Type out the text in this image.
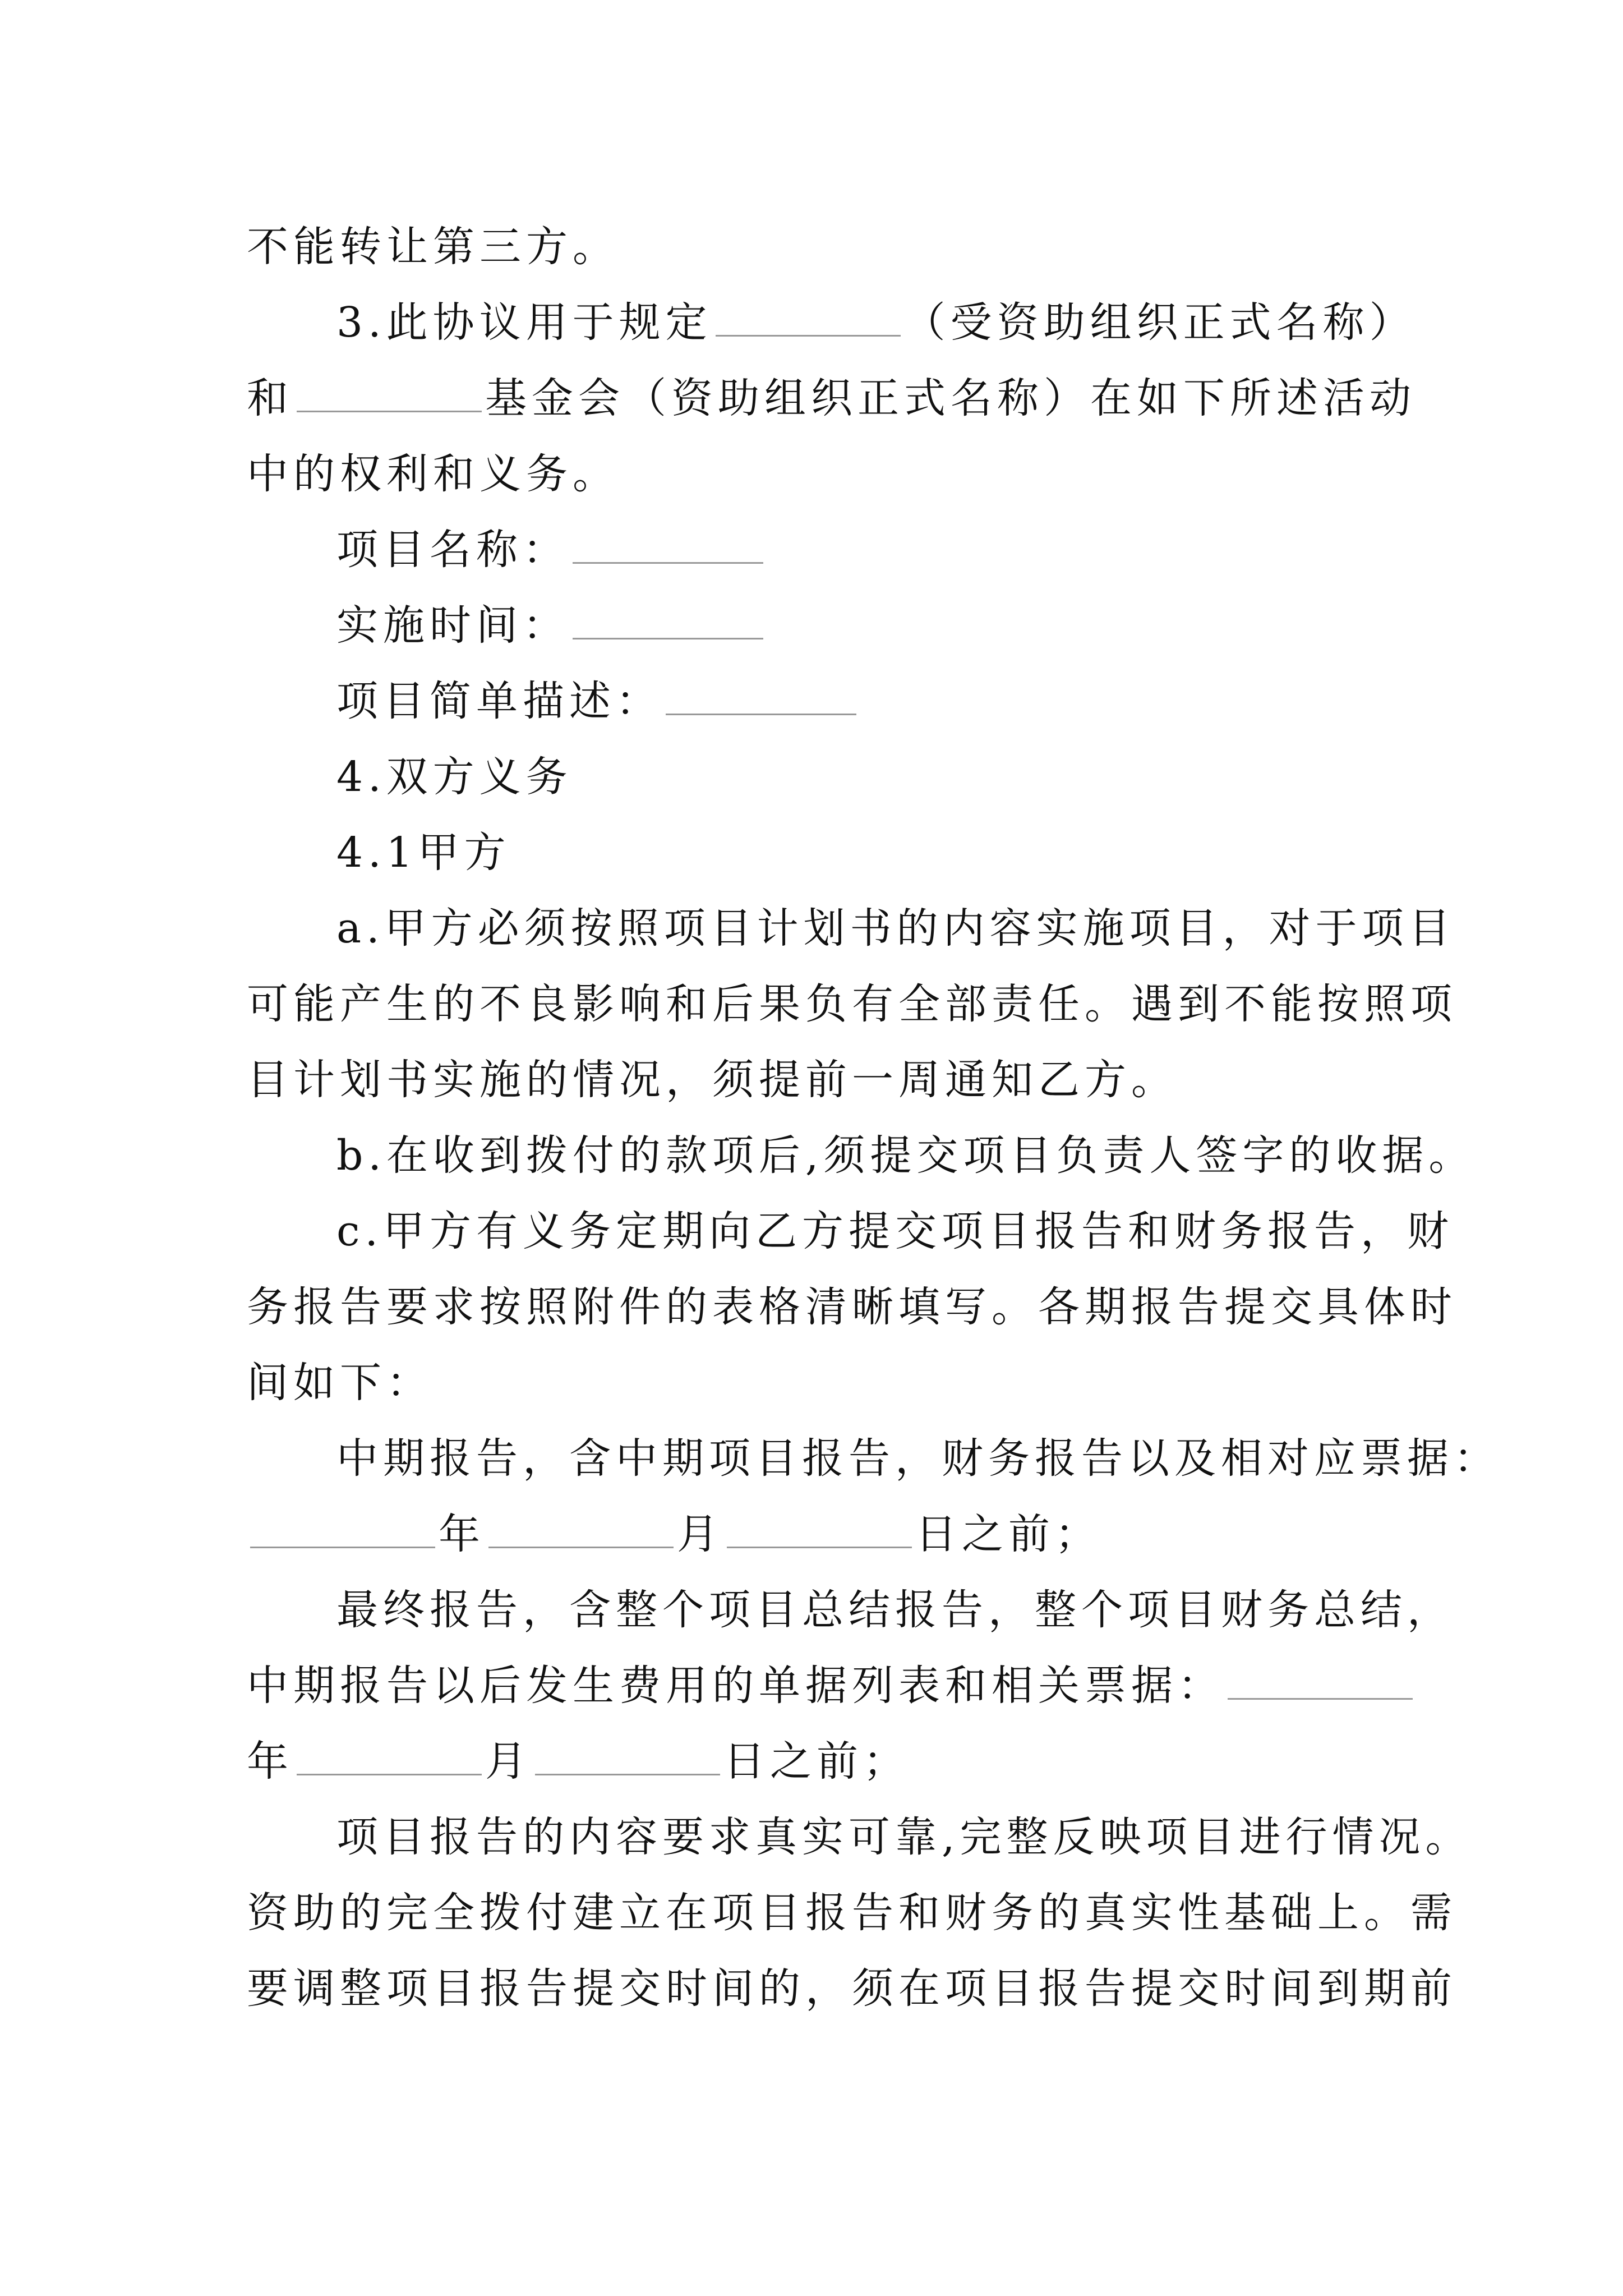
不能转让第三方。
3.此协议用于规定	（受资助组织正式名称）
和	基金会（资助组织正式名称）在如下所述活动
中的权利和义务。
项目名称：
实施时间：
项目简单描述：
4.双方义务
4.1甲方
a.甲方必须按照项目计划书的内容实施项目，对于项目
可能产生的不良影响和后果负有全部责任。遇到不能按照项
目计划书实施的情况，须提前一周通知乙方。
b.在收到拨付的款项后,须提交项目负责人签字的收据。
c.甲方有义务定期向乙方提交项目报告和财务报告，财
务报告要求按照附件的表格清晰填写。各期报告提交具体时
间如下：
中期报告，含中期项目报告，财务报告以及相对应票据：
年	月	日之前；
最终报告，含整个项目总结报告，整个项目财务总结，
中期报告以后发生费用的单据列表和相关票据：
年	月	日之前；
项目报告的内容要求真实可靠,完整反映项目进行情况。
资助的完全拨付建立在项目报告和财务的真实性基础上。需
要调整项目报告提交时间的，须在项目报告提交时间到期前
